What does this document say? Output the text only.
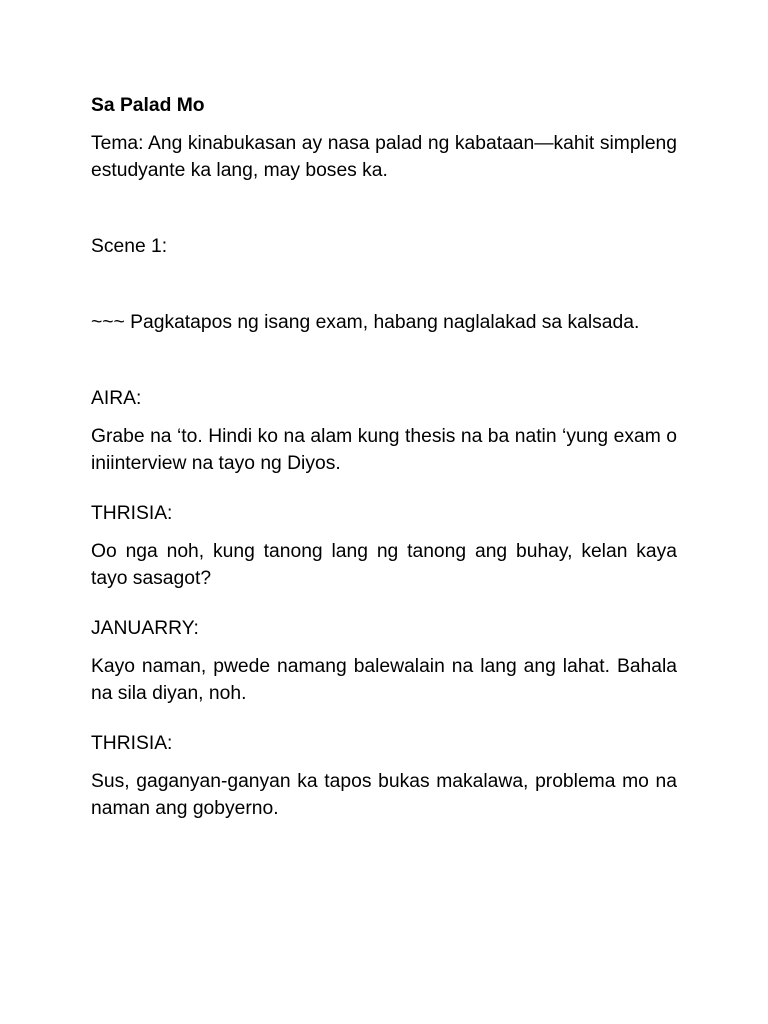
Sa Palad Mo

Tema: Ang kinabukasan ay nasa palad ng kabataan—kahit simpleng estudyante ka lang, may boses ka.

Scene 1:

~~~ Pagkatapos ng isang exam, habang naglalakad sa kalsada.

AIRA:

Grabe na ‘to. Hindi ko na alam kung thesis na ba natin ‘yung exam o iniinterview na tayo ng Diyos.

THRISIA:

Oo nga noh, kung tanong lang ng tanong ang buhay, kelan kaya tayo sasagot?

JANUARRY:

Kayo naman, pwede namang balewalain na lang ang lahat. Bahala na sila diyan, noh.

THRISIA:

Sus, gaganyan-ganyan ka tapos bukas makalawa, problema mo na naman ang gobyerno.
